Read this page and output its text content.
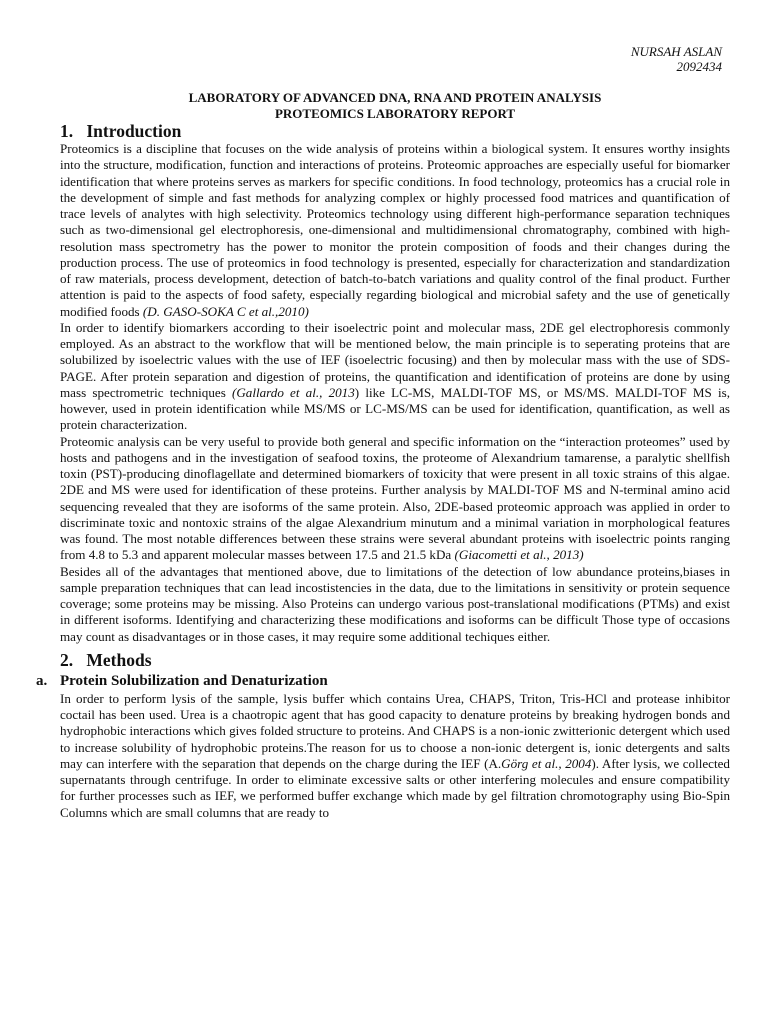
NURSAH ASLAN
2092434
LABORATORY OF ADVANCED DNA, RNA AND PROTEIN ANALYSIS
PROTEOMICS LABORATORY REPORT
1. Introduction

Proteomics is a discipline that focuses on the wide analysis of proteins within a biological system. It ensures worthy insights into the structure, modification, function and interactions of proteins. Proteomic approaches are especially useful for biomarker identification that where proteins serves as markers for specific conditions. In food technology, proteomics has a crucial role in the development of simple and fast methods for analyzing complex or highly processed food matrices and quantification of trace levels of analytes with high selectivity. Proteomics technology using different high-performance separation techniques such as two-dimensional gel electrophoresis, one-dimensional and multidimensional chromatography, combined with high-resolution mass spectrometry has the power to monitor the protein composition of foods and their changes during the production process. The use of proteomics in food technology is presented, especially for characterization and standardization of raw materials, process development, detection of batch-to-batch variations and quality control of the final product. Further attention is paid to the aspects of food safety, especially regarding biological and microbial safety and the use of genetically modified foods (D. GASO-SOKA C et al.,2010)

In order to identify biomarkers according to their isoelectric point and molecular mass, 2DE gel electrophoresis commonly employed. As an abstract to the workflow that will be mentioned below, the main principle is to seperating proteins that are solubilized by isoelectric values with the use of IEF (isoelectric focusing) and then by molecular mass with the use of SDS-PAGE. After protein separation and digestion of proteins, the quantification and identification of proteins are done by using mass spectrometric techniques (Gallardo et al., 2013) like LC-MS, MALDI-TOF MS, or MS/MS. MALDI-TOF MS is, however, used in protein identification while MS/MS or LC-MS/MS can be used for identification, quantification, as well as protein characterization.

Proteomic analysis can be very useful to provide both general and specific information on the “interaction proteomes” used by hosts and pathogens and in the investigation of seafood toxins, the proteome of Alexandrium tamarense, a paralytic shellfish toxin (PST)-producing dinoflagellate and determined biomarkers of toxicity that were present in all toxic strains of this algae. 2DE and MS were used for identification of these proteins. Further analysis by MALDI-TOF MS and N-terminal amino acid sequencing revealed that they are isoforms of the same protein. Also, 2DE-based proteomic approach was applied in order to discriminate toxic and nontoxic strains of the algae Alexandrium minutum and a minimal variation in morphological features was found. The most notable differences between these strains were several abundant proteins with isoelectric points ranging from 4.8 to 5.3 and apparent molecular masses between 17.5 and 21.5 kDa (Giacometti et al., 2013)

Besides all of the advantages that mentioned above, due to limitations of the detection of low abundance proteins,biases in sample preparation techniques that can lead incostistencies in the data, due to the limitations in sensitivity or protein sequence coverage; some proteins may be missing. Also Proteins can undergo various post-translational modifications (PTMs) and exist in different isoforms. Identifying and characterizing these modifications and isoforms can be difficult Those type of occasions may count as disadvantages or in those cases, it may require some additional techiques either.

2. Methods
a. Protein Solubilization and Denaturization

In order to perform lysis of the sample, lysis buffer which contains Urea, CHAPS, Triton, Tris-HCl and protease inhibitor coctail has been used. Urea is a chaotropic agent that has good capacity to denature proteins by breaking hydrogen bonds and hydrophobic interactions which gives folded structure to proteins. And CHAPS is a non-ionic zwitterionic detergent which used to increase solubility of hydrophobic proteins.The reason for us to choose a non-ionic detergent is, ionic detergents and salts may can interfere with the separation that depends on the charge during the IEF (A.Görg et al., 2004). After lysis, we collected supernatants through centrifuge. In order to eliminate excessive salts or other interfering molecules and ensure compatibility for further processes such as IEF, we performed buffer exchange which made by gel filtration chromotography using Bio-Spin Columns which are small columns that are ready to
